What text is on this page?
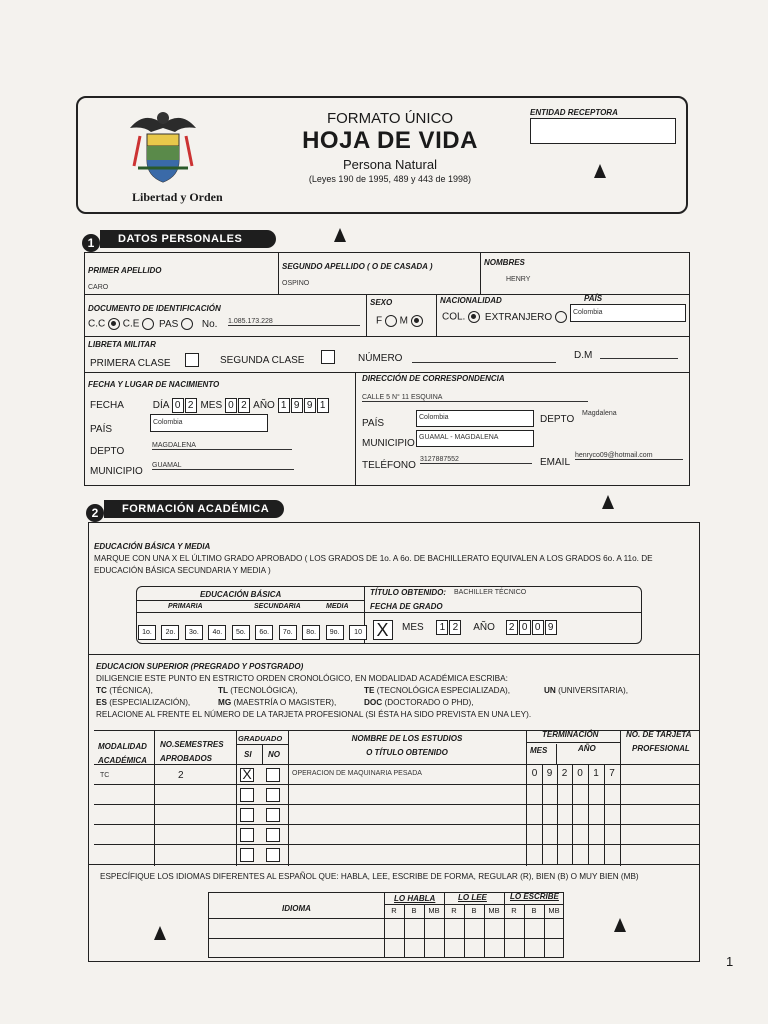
Libertad y Orden
FORMATO ÚNICO
HOJA DE VIDA
Persona Natural
(Leyes 190 de 1995, 489 y 443 de 1998)
ENTIDAD RECEPTORA
1	DATOS PERSONALES
PRIMER APELLIDO
CARO
SEGUNDO APELLIDO ( O DE CASADA )
OSPINO
NOMBRES
HENRY
DOCUMENTO DE IDENTIFICACIÓN
C.C C.E PAS No. 1.085.173.228
SEXO
F M
NACIONALIDAD
COL. EXTRANJERO
PAÍS
Colombia
LIBRETA MILITAR
PRIMERA CLASE	SEGUNDA CLASE	NÚMERO	D.M
FECHA Y LUGAR DE NACIMIENTO
FECHA	DÍA 0 2 MES 0 2 AÑO 1 9 9 1
PAÍS
Colombia
DEPTO
MAGDALENA
MUNICIPIO
GUAMAL
DIRECCIÓN DE CORRESPONDENCIA
CALLE 5 N° 11 ESQUINA
PAÍS
Colombia	DEPTO
Magdalena
MUNICIPIO
GUAMAL - MAGDALENA
TELÉFONO
3127887552	EMAIL
henryco09@hotmail.com
2	FORMACIÓN ACADÉMICA
EDUCACIÓN BÁSICA Y MEDIA
MARQUE CON UNA X EL ÚLTIMO GRADO APROBADO ( LOS GRADOS DE 1o. A 6o. DE BACHILLERATO EQUIVALEN A LOS GRADOS 6o. A 11o. DE
EDUCACIÓN BÁSICA SECUNDARIA Y MEDIA )
EDUCACIÓN BÁSICA
PRIMARIA	SECUNDARIA	MEDIA
1o. 2o. 3o. 4o. 5o. 6o. 7o. 8o. 9o. 10 X
TÍTULO OBTENIDO: BACHILLER TÉCNICO
FECHA DE GRADO
MES 1 2 AÑO 2 0 0 9
EDUCACION SUPERIOR (PREGRADO Y POSTGRADO)
DILIGENCIE ESTE PUNTO EN ESTRICTO ORDEN CRONOLÓGICO, EN MODALIDAD ACADÉMICA ESCRIBA:
TC (TÉCNICA),	TL (TECNOLÓGICA),	TE (TECNOLÓGICA ESPECIALIZADA),	UN (UNIVERSITARIA),
ES (ESPECIALIZACIÓN),	MG (MAESTRÍA O MAGISTER),	DOC (DOCTORADO O PHD),
RELACIONE AL FRENTE EL NÚMERO DE LA TARJETA PROFESIONAL (SI ÉSTA HA SIDO PREVISTA EN UNA LEY).
MODALIDAD
ACADÉMICA
NO.SEMESTRES
APROBADOS
GRADUADO
SI NO
NOMBRE DE LOS ESTUDIOS
O TÍTULO OBTENIDO
TERMINACIÓN
MES	AÑO
NO. DE TARJETA
PROFESIONAL
TC	2	X	OPERACION DE MAQUINARIA PESADA	0 9 2 0 1 7
ESPECÍFIQUE LOS IDIOMAS DIFERENTES AL ESPAÑOL QUE: HABLA, LEE, ESCRIBE DE FORMA, REGULAR (R), BIEN (B) O MUY BIEN (MB)
IDIOMA
LO HABLA	LO LEE	LO ESCRIBE
R B MB R B MB R B MB
1
